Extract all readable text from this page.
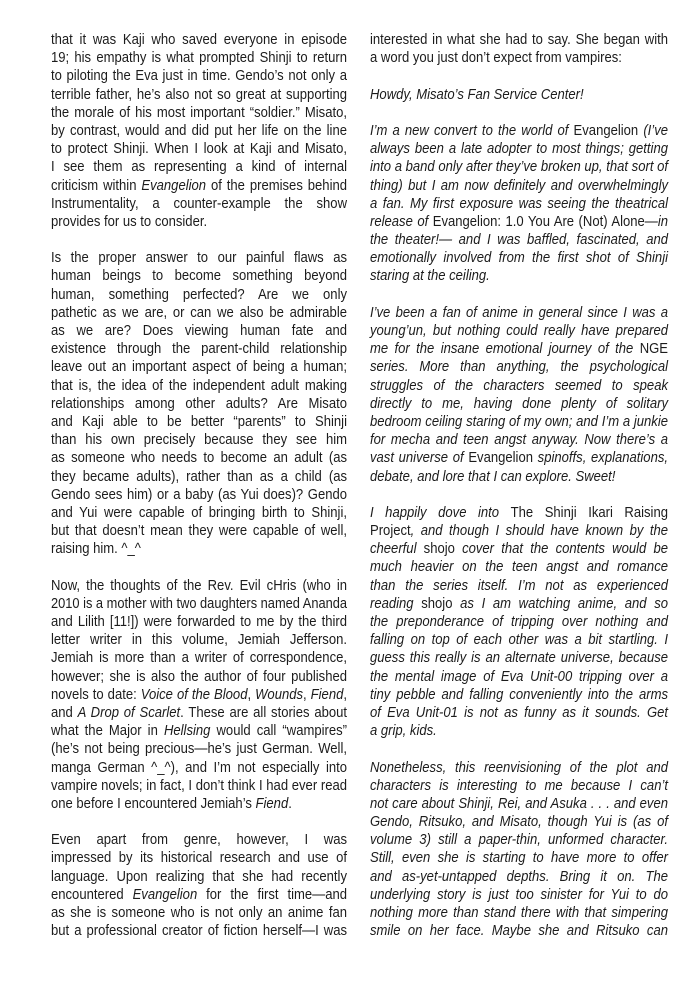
that it was Kaji who saved everyone in episode
19; his empathy is what prompted Shinji to return
to piloting the Eva just in time. Gendo’s not only a
terrible father, he’s also not so great at supporting
the morale of his most important “soldier.” Misato,
by contrast, would and did put her life on the line
to protect Shinji. When I look at Kaji and Misato,
I see them as representing a kind of internal
criticism within Evangelion of the premises behind
Instrumentality, a counter-example the show
provides for us to consider.
Is the proper answer to our painful flaws as
human beings to become something beyond
human, something perfected? Are we only
pathetic as we are, or can we also be admirable
as we are? Does viewing human fate and
existence through the parent-child relationship
leave out an important aspect of being a human;
that is, the idea of the independent adult making
relationships among other adults? Are Misato
and Kaji able to be better “parents” to Shinji
than his own precisely because they see him
as someone who needs to become an adult (as
they became adults), rather than as a child (as
Gendo sees him) or a baby (as Yui does)? Gendo
and Yui were capable of bringing birth to Shinji,
but that doesn’t mean they were capable of well,
raising him. ^_^
Now, the thoughts of the Rev. Evil cHris (who in
2010 is a mother with two daughters named Ananda
and Lilith [11!]) were forwarded to me by the third
letter writer in this volume, Jemiah Jefferson.
Jemiah is more than a writer of correspondence,
however; she is also the author of four published
novels to date: Voice of the Blood, Wounds, Fiend,
and A Drop of Scarlet. These are all stories about
what the Major in Hellsing would call “wampires”
(he’s not being precious—he’s just German. Well,
manga German ^_^), and I’m not especially into
vampire novels; in fact, I don’t think I had ever read
one before I encountered Jemiah’s Fiend.
Even apart from genre, however, I was
impressed by its historical research and use of
language. Upon realizing that she had recently
encountered Evangelion for the first time—and
as she is someone who is not only an anime fan
but a professional creator of fiction herself—I was
interested in what she had to say. She began with
a word you just don’t expect from vampires:
Howdy, Misato’s Fan Service Center!
I’m a new convert to the world of Evangelion (I’ve
always been a late adopter to most things; getting
into a band only after they’ve broken up, that sort of
thing) but I am now definitely and overwhelmingly
a fan. My first exposure was seeing the theatrical
release of Evangelion: 1.0 You Are (Not) Alone—in
the theater!— and I was baffled, fascinated, and
emotionally involved from the first shot of Shinji
staring at the ceiling.
I’ve been a fan of anime in general since I was a
young’un, but nothing could really have prepared
me for the insane emotional journey of the NGE
series. More than anything, the psychological
struggles of the characters seemed to speak
directly to me, having done plenty of solitary
bedroom ceiling staring of my own; and I’m a junkie
for mecha and teen angst anyway. Now there’s a
vast universe of Evangelion spinoffs, explanations,
debate, and lore that I can explore. Sweet!
I happily dove into The Shinji Ikari Raising
Project, and though I should have known by the
cheerful shojo cover that the contents would be
much heavier on the teen angst and romance
than the series itself. I’m not as experienced
reading shojo as I am watching anime, and so
the preponderance of tripping over nothing and
falling on top of each other was a bit startling. I
guess this really is an alternate universe, because
the mental image of Eva Unit-00 tripping over a
tiny pebble and falling conveniently into the arms
of Eva Unit-01 is not as funny as it sounds. Get
a grip, kids.
Nonetheless, this reenvisioning of the plot and
characters is interesting to me because I can’t
not care about Shinji, Rei, and Asuka . . . and even
Gendo, Ritsuko, and Misato, though Yui is (as of
volume 3) still a paper-thin, unformed character.
Still, even she is starting to have more to offer
and as-yet-untapped depths. Bring it on. The
underlying story is just too sinister for Yui to do
nothing more than stand there with that simpering
smile on her face. Maybe she and Ritsuko can
